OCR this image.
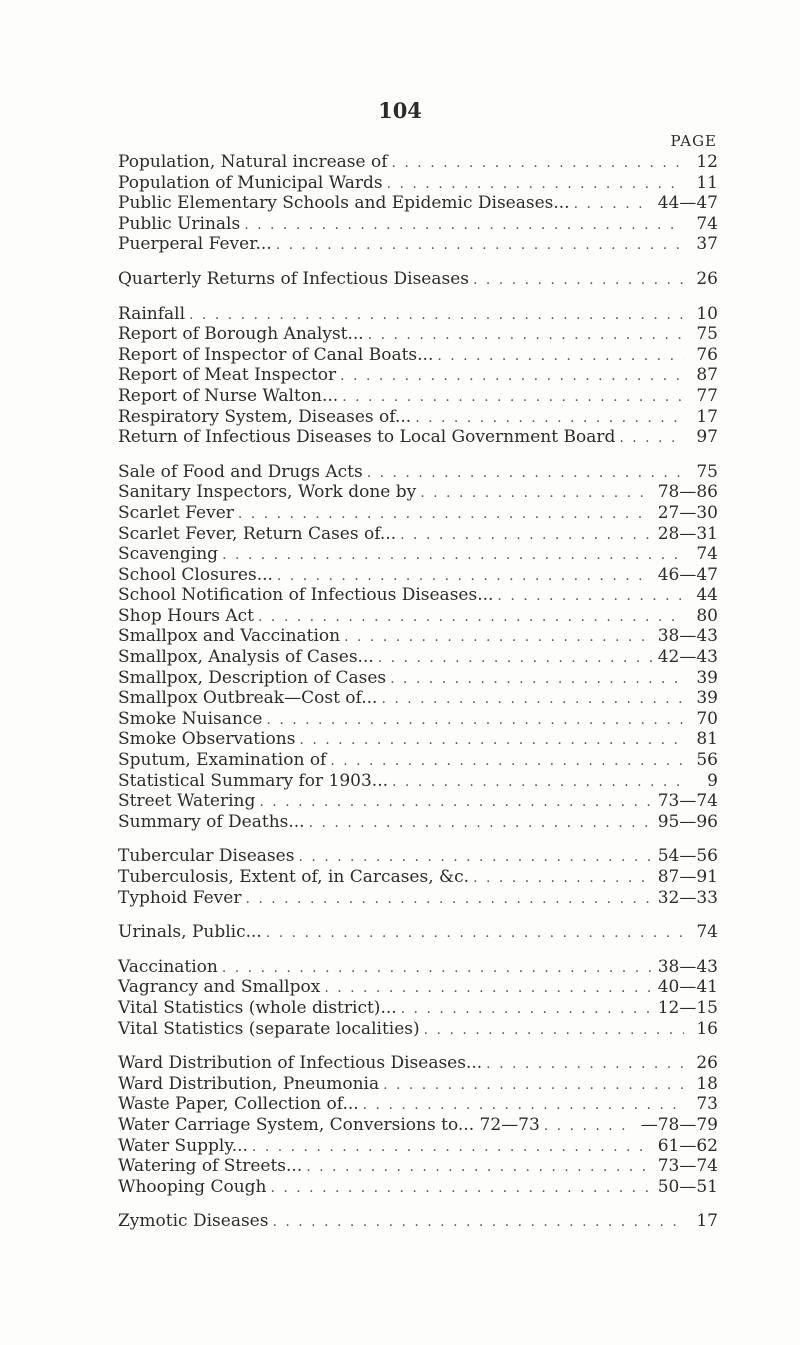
104
PAGE
Population, Natural increase of . . .	12
Population of Municipal Wards . . .	11
Public Elementary Schools and Epidemic Diseases... . . .	44—47
Public Urinals . . .	74
Puerperal Fever... . . .	37
Quarterly Returns of Infectious Diseases . . .	26
Rainfall . . .	10
Report of Borough Analyst... . . .	75
Report of Inspector of Canal Boats... . . .	76
Report of Meat Inspector . . .	87
Report of Nurse Walton... . . .	77
Respiratory System, Diseases of... . . .	17
Return of Infectious Diseases to Local Government Board . . .	97
Sale of Food and Drugs Acts . . .	75
Sanitary Inspectors, Work done by . . .	78—86
Scarlet Fever . . .	27—30
Scarlet Fever, Return Cases of... . . .	28—31
Scavenging . . .	74
School Closures... . . .	46—47
School Notification of Infectious Diseases... . . .	44
Shop Hours Act . . .	80
Smallpox and Vaccination . . .	38—43
Smallpox, Analysis of Cases... . . .	42—43
Smallpox, Description of Cases . . .	39
Smallpox Outbreak—Cost of... . . .	39
Smoke Nuisance . . .	70
Smoke Observations . . .	81
Sputum, Examination of . . .	56
Statistical Summary for 1903... . . .	9
Street Watering . . .	73—74
Summary of Deaths... . . .	95—96
Tubercular Diseases . . .	54—56
Tuberculosis, Extent of, in Carcases, &c. . . .	87—91
Typhoid Fever . . .	32—33
Urinals, Public... . . .	74
Vaccination . . .	38—43
Vagrancy and Smallpox . . .	40—41
Vital Statistics (whole district)... . . .	12—15
Vital Statistics (separate localities) . . .	16
Ward Distribution of Infectious Diseases... . . .	26
Ward Distribution, Pneumonia . . .	18
Waste Paper, Collection of... . . .	73
Water Carriage System, Conversions to... 72—73 . . .	—78—79
Water Supply... . . .	61—62
Watering of Streets... . . .	73—74
Whooping Cough . . .	50—51
Zymotic Diseases . . .	17
